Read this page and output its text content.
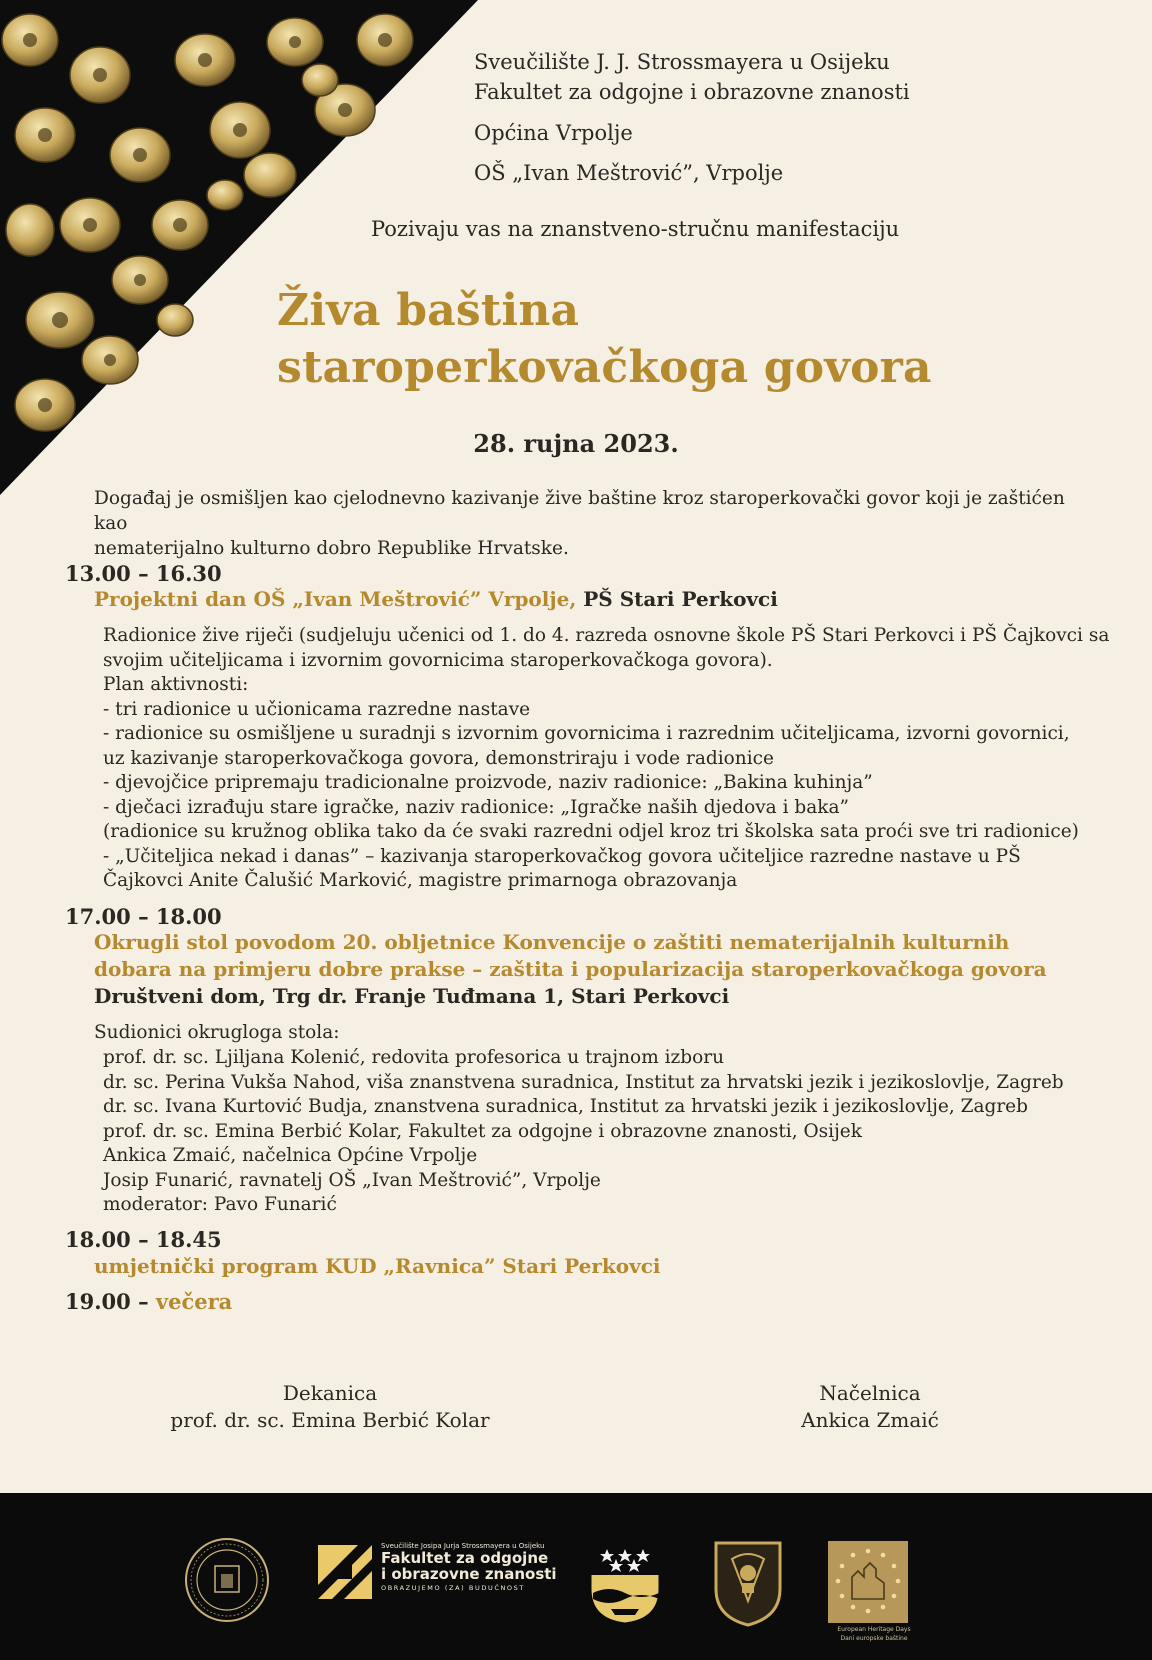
Sveučilište J. J. Strossmayera u Osijeku
Fakultet za odgojne i obrazovne znanosti
Općina Vrpolje
OŠ „Ivan Meštrović”, Vrpolje
Pozivaju vas na znanstveno-stručnu manifestaciju
Živa baština
staroperkovačkoga govora
28. rujna 2023.
Događaj je osmišljen kao cjelodnevno kazivanje žive baštine kroz staroperkovački govor koji je zaštićen kao
nematerijalno kulturno dobro Republike Hrvatske.
13.00 – 16.30
Projektni dan OŠ „Ivan Meštrović” Vrpolje, PŠ Stari Perkovci
Radionice žive riječi (sudjeluju učenici od 1. do 4. razreda osnovne škole PŠ Stari Perkovci i PŠ Čajkovci sa
svojim učiteljicama i izvornim govornicima staroperkovačkoga govora).
Plan aktivnosti:
- tri radionice u učionicama razredne nastave
- radionice su osmišljene u suradnji s izvornim govornicima i razrednim učiteljicama, izvorni govornici,
uz kazivanje staroperkovačkoga govora, demonstriraju i vode radionice
- djevojčice pripremaju tradicionalne proizvode, naziv radionice: „Bakina kuhinja”
- dječaci izrađuju stare igračke, naziv radionice: „Igračke naših djedova i baka”
(radionice su kružnog oblika tako da će svaki razredni odjel kroz tri školska sata proći sve tri radionice)
- „Učiteljica nekad i danas” – kazivanja staroperkovačkog govora učiteljice razredne nastave u PŠ
Čajkovci Anite Čalušić Marković, magistre primarnoga obrazovanja
17.00 – 18.00
Okrugli stol povodom 20. obljetnice Konvencije o zaštiti nematerijalnih kulturnih
dobara na primjeru dobre prakse – zaštita i popularizacija staroperkovačkoga govora
Društveni dom, Trg dr. Franje Tuđmana 1, Stari Perkovci
Sudionici okrugloga stola:
prof. dr. sc. Ljiljana Kolenić, redovita profesorica u trajnom izboru
dr. sc. Perina Vukša Nahod, viša znanstvena suradnica, Institut za hrvatski jezik i jezikoslovlje, Zagreb
dr. sc. Ivana Kurtović Budja, znanstvena suradnica, Institut za hrvatski jezik i jezikoslovlje, Zagreb
prof. dr. sc. Emina Berbić Kolar, Fakultet za odgojne i obrazovne znanosti, Osijek
Ankica Zmaić, načelnica Općine Vrpolje
Josip Funarić, ravnatelj OŠ „Ivan Meštrović”, Vrpolje
moderator: Pavo Funarić
18.00 – 18.45
umjetnički program KUD „Ravnica” Stari Perkovci
19.00 – večera
Dekanica
prof. dr. sc. Emina Berbić Kolar
Načelnica
Ankica Zmaić
Sveučilište Josipa Jurja Strossmayera u Osijeku
Fakultet za odgojne
i obrazovne znanosti
OBRAZUJEMO (ZA) BUDUĆNOST
European Heritage Days
Dani europske baštine
